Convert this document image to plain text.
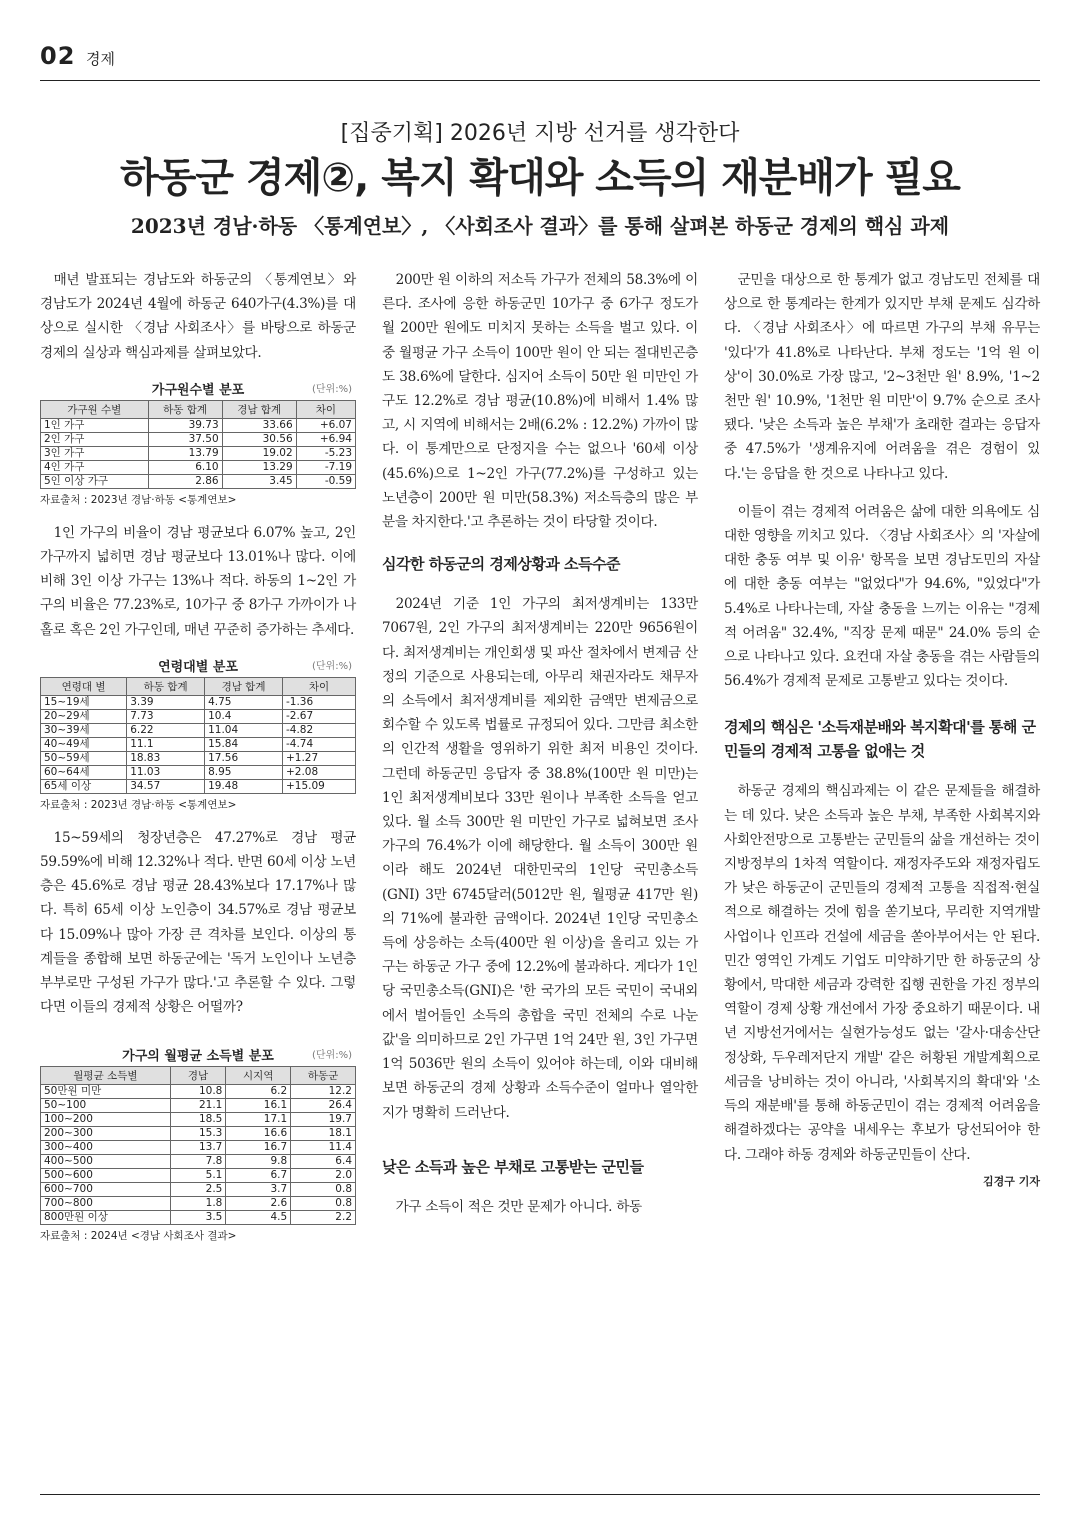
02 경제
[집중기획] 2026년 지방 선거를 생각한다
하동군 경제②, 복지 확대와 소득의 재분배가 필요
2023년 경남·하동 〈통계연보〉, 〈사회조사 결과〉를 통해 살펴본 하동군 경제의 핵심 과제

매년 발표되는 경남도와 하동군의 〈통계연보〉와 경남도가 2024년 4월에 하동군 640가구(4.3%)를 대상으로 실시한 〈경남 사회조사〉를 바탕으로 하동군 경제의 실상과 핵심과제를 살펴보았다.

가구원수별 분포	(단위:%)
가구원 수별	하동 합계	경남 합계	차이
1인 가구	39.73	33.66	+6.07
2인 가구	37.50	30.56	+6.94
3인 가구	13.79	19.02	-5.23
4인 가구	6.10	13.29	-7.19
5인 이상 가구	2.86	3.45	-0.59
자료출처 : 2023년 경남·하동 <통계연보>

1인 가구의 비율이 경남 평균보다 6.07% 높고, 2인 가구까지 넓히면 경남 평균보다 13.01%나 많다. 이에 비해 3인 이상 가구는 13%나 적다. 하동의 1~2인 가구의 비율은 77.23%로, 10가구 중 8가구 가까이가 나홀로 혹은 2인 가구인데, 매년 꾸준히 증가하는 추세다.

연령대별 분포	(단위:%)
연령대 별	하동 합계	경남 합계	차이
15~19세	3.39	4.75	-1.36
20~29세	7.73	10.4	-2.67
30~39세	6.22	11.04	-4.82
40~49세	11.1	15.84	-4.74
50~59세	18.83	17.56	+1.27
60~64세	11.03	8.95	+2.08
65세 이상	34.57	19.48	+15.09
자료출처 : 2023년 경남·하동 <통계연보>

15~59세의 청장년층은 47.27%로 경남 평균 59.59%에 비해 12.32%나 적다. 반면 60세 이상 노년층은 45.6%로 경남 평균 28.43%보다 17.17%나 많다. 특히 65세 이상 노인층이 34.57%로 경남 평균보다 15.09%나 많아 가장 큰 격차를 보인다. 이상의 통계들을 종합해 보면 하동군에는 '독거 노인이나 노년층 부부로만 구성된 가구가 많다.'고 추론할 수 있다. 그렇다면 이들의 경제적 상황은 어떨까?

가구의 월평균 소득별 분포	(단위:%)
월평균 소득별	경남	시지역	하동군
50만원 미만	10.8	6.2	12.2
50~100	21.1	16.1	26.4
100~200	18.5	17.1	19.7
200~300	15.3	16.6	18.1
300~400	13.7	16.7	11.4
400~500	7.8	9.8	6.4
500~600	5.1	6.7	2.0
600~700	2.5	3.7	0.8
700~800	1.8	2.6	0.8
800만원 이상	3.5	4.5	2.2
자료출처 : 2024년 <경남 사회조사 결과>

200만 원 이하의 저소득 가구가 전체의 58.3%에 이른다. 조사에 응한 하동군민 10가구 중 6가구 정도가 월 200만 원에도 미치지 못하는 소득을 벌고 있다. 이 중 월평균 가구 소득이 100만 원이 안 되는 절대빈곤층도 38.6%에 달한다. 심지어 소득이 50만 원 미만인 가구도 12.2%로 경남 평균(10.8%)에 비해서 1.4% 많고, 시 지역에 비해서는 2배(6.2% : 12.2%) 가까이 많다. 이 통계만으로 단정지을 수는 없으나 '60세 이상(45.6%)으로 1~2인 가구(77.2%)를 구성하고 있는 노년층이 200만 원 미만(58.3%) 저소득층의 많은 부분을 차지한다.'고 추론하는 것이 타당할 것이다.

심각한 하동군의 경제상황과 소득수준

2024년 기준 1인 가구의 최저생계비는 133만 7067원, 2인 가구의 최저생계비는 220만 9656원이다. 최저생계비는 개인회생 및 파산 절차에서 변제금 산정의 기준으로 사용되는데, 아무리 채권자라도 채무자의 소득에서 최저생계비를 제외한 금액만 변제금으로 회수할 수 있도록 법률로 규정되어 있다. 그만큼 최소한의 인간적 생활을 영위하기 위한 최저 비용인 것이다. 그런데 하동군민 응답자 중 38.8%(100만 원 미만)는 1인 최저생계비보다 33만 원이나 부족한 소득을 얻고 있다. 월 소득 300만 원 미만인 가구로 넓혀보면 조사가구의 76.4%가 이에 해당한다. 월 소득이 300만 원이라 해도 2024년 대한민국의 1인당 국민총소득(GNI) 3만 6745달러(5012만 원, 월평균 417만 원)의 71%에 불과한 금액이다. 2024년 1인당 국민총소득에 상응하는 소득(400만 원 이상)을 올리고 있는 가구는 하동군 가구 중에 12.2%에 불과하다. 게다가 1인당 국민총소득(GNI)은 '한 국가의 모든 국민이 국내외에서 벌어들인 소득의 총합을 국민 전체의 수로 나눈 값'을 의미하므로 2인 가구면 1억 24만 원, 3인 가구면 1억 5036만 원의 소득이 있어야 하는데, 이와 대비해 보면 하동군의 경제 상황과 소득수준이 얼마나 열악한지가 명확히 드러난다.

낮은 소득과 높은 부채로 고통받는 군민들

가구 소득이 적은 것만 문제가 아니다. 하동

군민을 대상으로 한 통계가 없고 경남도민 전체를 대상으로 한 통계라는 한계가 있지만 부채 문제도 심각하다. 〈경남 사회조사〉에 따르면 가구의 부채 유무는 '있다'가 41.8%로 나타난다. 부채 정도는 '1억 원 이상'이 30.0%로 가장 많고, '2~3천만 원' 8.9%, '1~2천만 원' 10.9%, '1천만 원 미만'이 9.7% 순으로 조사됐다. '낮은 소득과 높은 부채'가 초래한 결과는 응답자 중 47.5%가 '생계유지에 어려움을 겪은 경험이 있다.'는 응답을 한 것으로 나타나고 있다.

이들이 겪는 경제적 어려움은 삶에 대한 의욕에도 심대한 영향을 끼치고 있다. 〈경남 사회조사〉의 '자살에 대한 충동 여부 및 이유' 항목을 보면 경남도민의 자살에 대한 충동 여부는 "없었다"가 94.6%, "있었다"가 5.4%로 나타나는데, 자살 충동을 느끼는 이유는 "경제적 어려움" 32.4%, "직장 문제 때문" 24.0% 등의 순으로 나타나고 있다. 요컨대 자살 충동을 겪는 사람들의 56.4%가 경제적 문제로 고통받고 있다는 것이다.

경제의 핵심은 '소득재분배와 복지확대'를 통해 군민들의 경제적 고통을 없애는 것

하동군 경제의 핵심과제는 이 같은 문제들을 해결하는 데 있다. 낮은 소득과 높은 부채, 부족한 사회복지와 사회안전망으로 고통받는 군민들의 삶을 개선하는 것이 지방정부의 1차적 역할이다. 재정자주도와 재정자립도가 낮은 하동군이 군민들의 경제적 고통을 직접적·현실적으로 해결하는 것에 힘을 쏟기보다, 무리한 지역개발사업이나 인프라 건설에 세금을 쏟아부어서는 안 된다. 민간 영역인 가계도 기업도 미약하기만 한 하동군의 상황에서, 막대한 세금과 강력한 집행 권한을 가진 정부의 역할이 경제 상황 개선에서 가장 중요하기 때문이다. 내년 지방선거에서는 실현가능성도 없는 '갈사·대송산단 정상화, 두우레저단지 개발' 같은 허황된 개발계획으로 세금을 낭비하는 것이 아니라, '사회복지의 확대'와 '소득의 재분배'를 통해 하동군민이 겪는 경제적 어려움을 해결하겠다는 공약을 내세우는 후보가 당선되어야 한다. 그래야 하동 경제와 하동군민들이 산다.

김경구 기자
